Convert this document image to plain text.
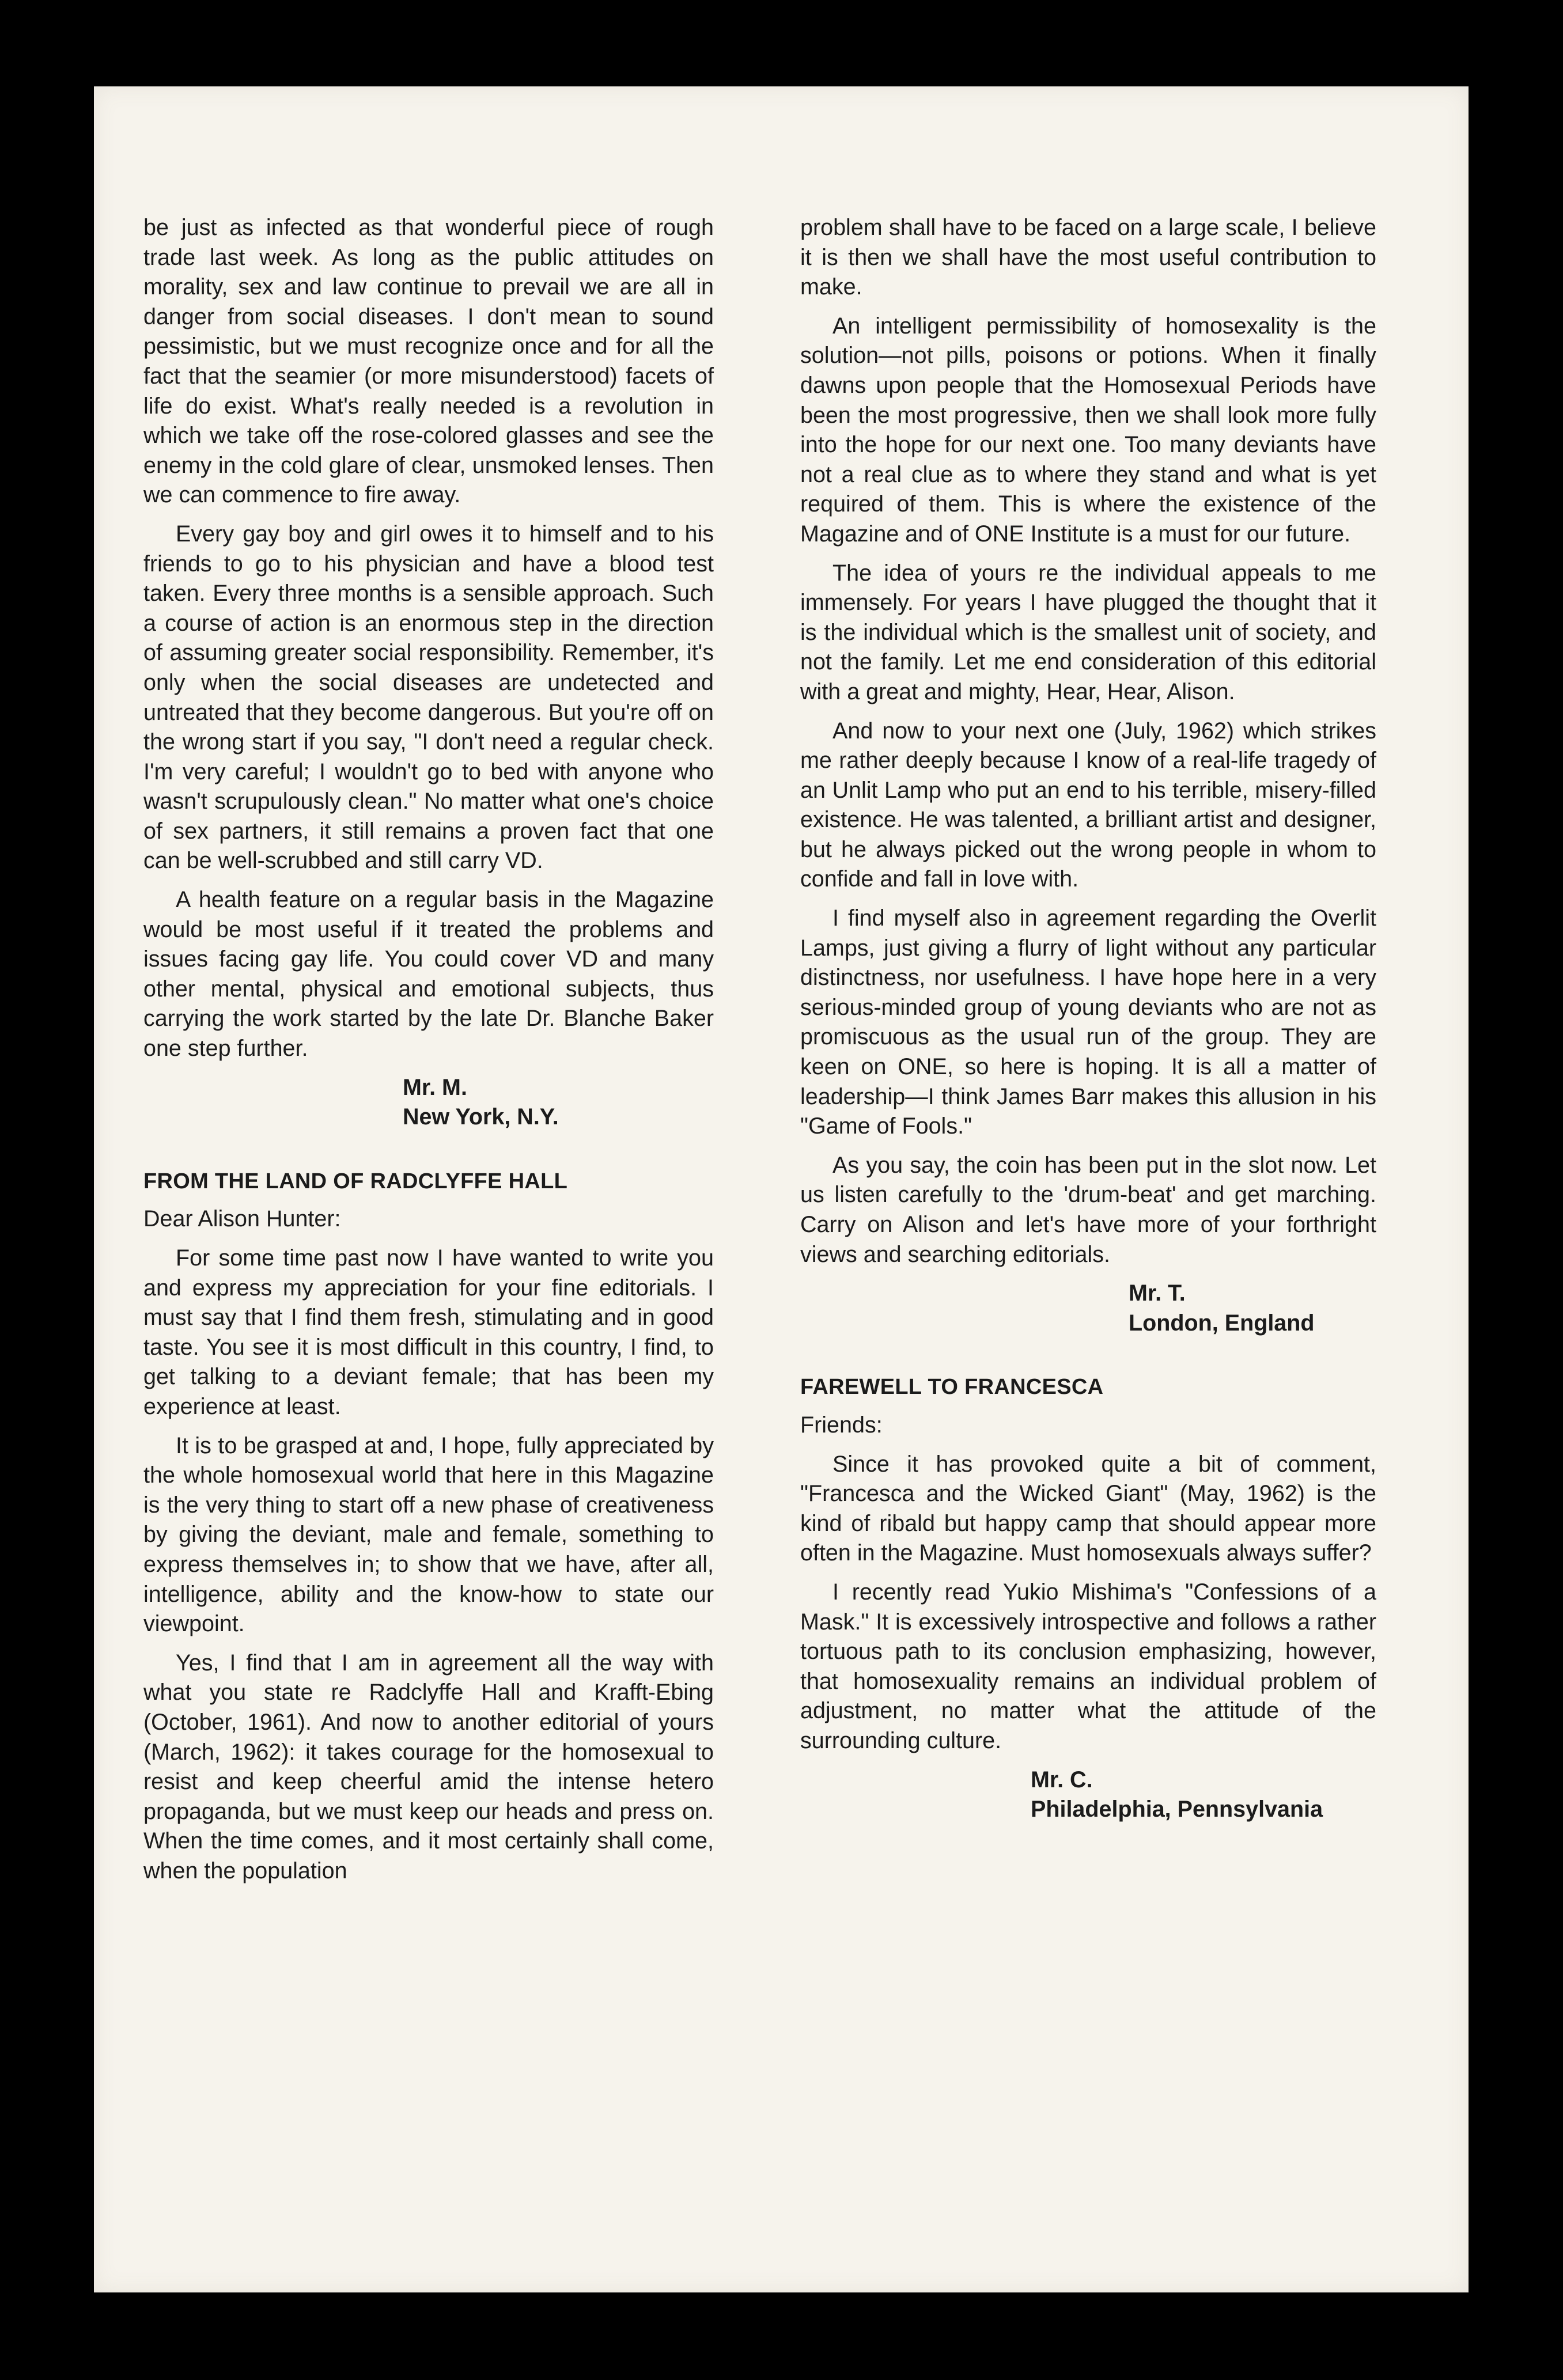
be just as infected as that wonderful piece of rough trade last week. As long as the public attitudes on morality, sex and law continue to prevail we are all in danger from social diseases. I don't mean to sound pessimistic, but we must recognize once and for all the fact that the seamier (or more misunderstood) facets of life do exist. What's really needed is a revolution in which we take off the rose-colored glasses and see the enemy in the cold glare of clear, unsmoked lenses. Then we can commence to fire away.

Every gay boy and girl owes it to himself and to his friends to go to his physician and have a blood test taken. Every three months is a sensible approach. Such a course of action is an enormous step in the direction of assuming greater social responsibility. Remember, it's only when the social diseases are undetected and untreated that they become dangerous. But you're off on the wrong start if you say, "I don't need a regular check. I'm very careful; I wouldn't go to bed with anyone who wasn't scrupulously clean." No matter what one's choice of sex partners, it still remains a proven fact that one can be well-scrubbed and still carry VD.

A health feature on a regular basis in the Magazine would be most useful if it treated the problems and issues facing gay life. You could cover VD and many other mental, physical and emotional subjects, thus carrying the work started by the late Dr. Blanche Baker one step further.

Mr. M.
New York, N.Y.
FROM THE LAND OF RADCLYFFE HALL

Dear Alison Hunter:

For some time past now I have wanted to write you and express my appreciation for your fine editorials. I must say that I find them fresh, stimulating and in good taste. You see it is most difficult in this country, I find, to get talking to a deviant female; that has been my experience at least.

It is to be grasped at and, I hope, fully appreciated by the whole homosexual world that here in this Magazine is the very thing to start off a new phase of creativeness by giving the deviant, male and female, something to express themselves in; to show that we have, after all, intelligence, ability and the know-how to state our viewpoint.

Yes, I find that I am in agreement all the way with what you state re Radclyffe Hall and Krafft-Ebing (October, 1961). And now to another editorial of yours (March, 1962): it takes courage for the homosexual to resist and keep cheerful amid the intense hetero propaganda, but we must keep our heads and press on. When the time comes, and it most certainly shall come, when the population

problem shall have to be faced on a large scale, I believe it is then we shall have the most useful contribution to make.

An intelligent permissibility of homosexality is the solution—not pills, poisons or potions. When it finally dawns upon people that the Homosexual Periods have been the most progressive, then we shall look more fully into the hope for our next one. Too many deviants have not a real clue as to where they stand and what is yet required of them. This is where the existence of the Magazine and of ONE Institute is a must for our future.

The idea of yours re the individual appeals to me immensely. For years I have plugged the thought that it is the individual which is the smallest unit of society, and not the family. Let me end consideration of this editorial with a great and mighty, Hear, Hear, Alison.

And now to your next one (July, 1962) which strikes me rather deeply because I know of a real-life tragedy of an Unlit Lamp who put an end to his terrible, misery-filled existence. He was talented, a brilliant artist and designer, but he always picked out the wrong people in whom to confide and fall in love with.

I find myself also in agreement regarding the Overlit Lamps, just giving a flurry of light without any particular distinctness, nor usefulness. I have hope here in a very serious-minded group of young deviants who are not as promiscuous as the usual run of the group. They are keen on ONE, so here is hoping. It is all a matter of leadership—I think James Barr makes this allusion in his "Game of Fools."

As you say, the coin has been put in the slot now. Let us listen carefully to the 'drum-beat' and get marching. Carry on Alison and let's have more of your forthright views and searching editorials.

Mr. T.
London, England
FAREWELL TO FRANCESCA

Friends:

Since it has provoked quite a bit of comment, "Francesca and the Wicked Giant" (May, 1962) is the kind of ribald but happy camp that should appear more often in the Magazine. Must homosexuals always suffer?

I recently read Yukio Mishima's "Confessions of a Mask." It is excessively introspective and follows a rather tortuous path to its conclusion emphasizing, however, that homosexuality remains an individual problem of adjustment, no matter what the attitude of the surrounding culture.

Mr. C.
Philadelphia, Pennsylvania
